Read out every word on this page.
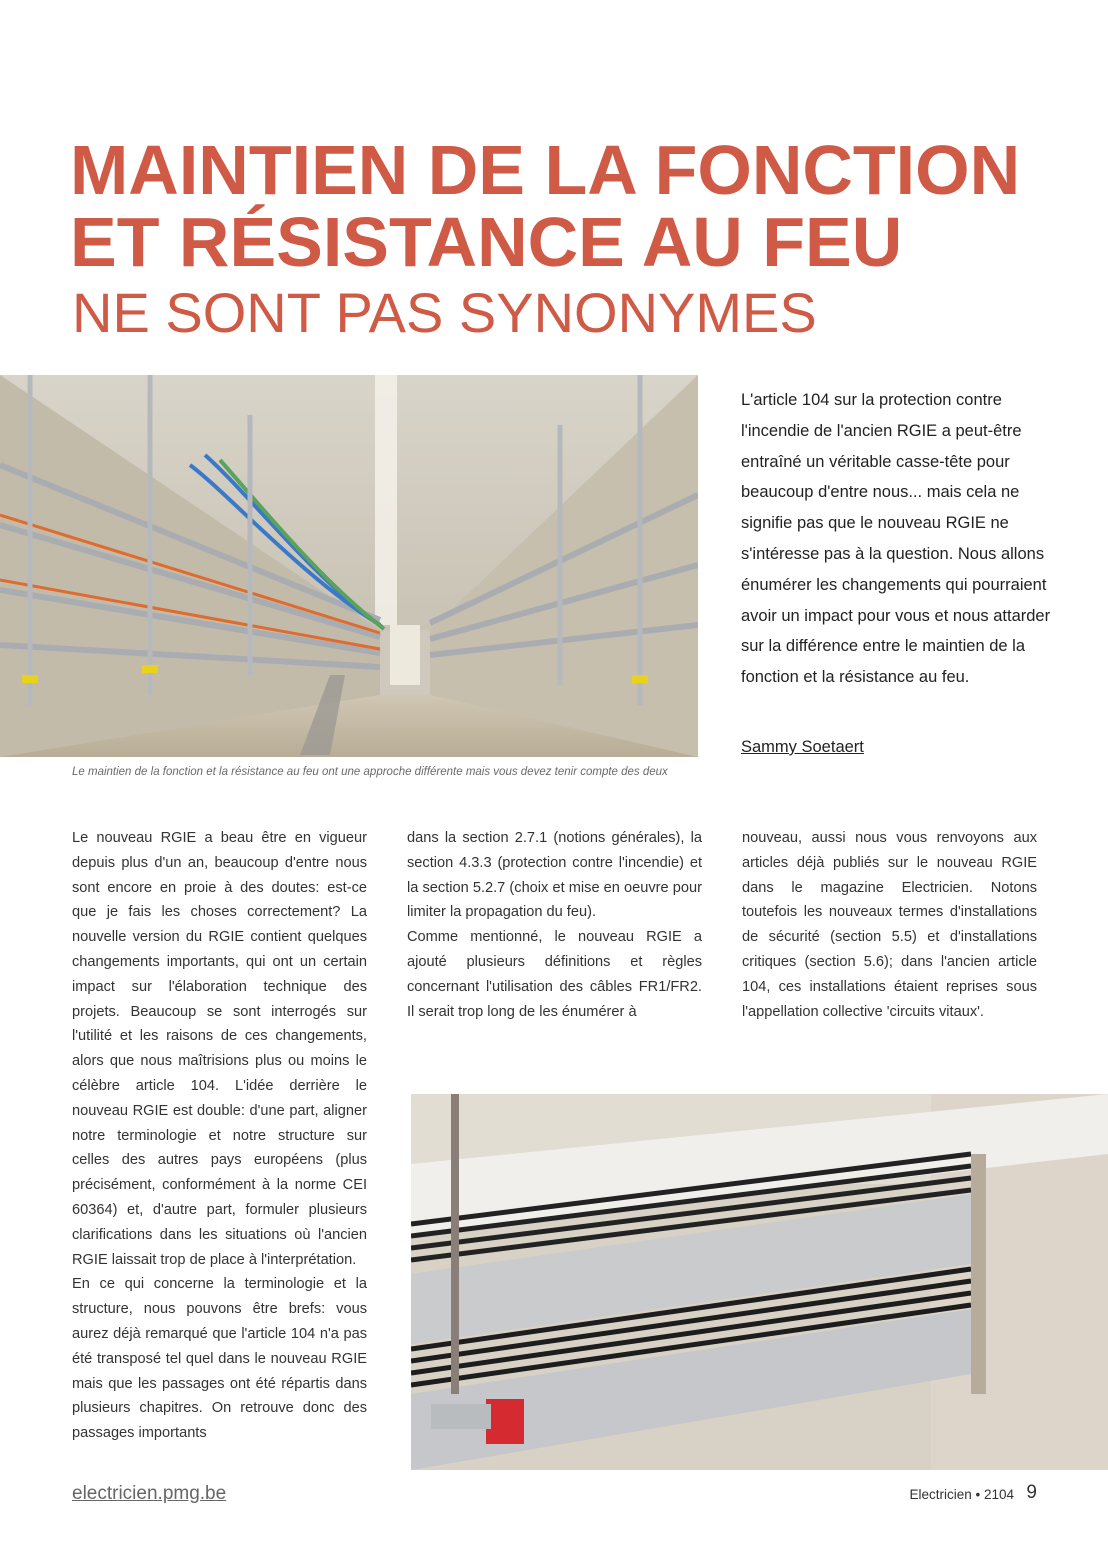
MAINTIEN DE LA FONCTION
ET RÉSISTANCE AU FEU
NE SONT PAS SYNONYMES

Le maintien de la fonction et la résistance au feu ont une approche différente mais vous devez tenir compte des deux

L'article 104 sur la protection contre l'incendie de l'ancien RGIE a peut-être entraîné un véritable casse-tête pour beaucoup d'entre nous... mais cela ne signifie pas que le nouveau RGIE ne s'intéresse pas à la question. Nous allons énumérer les changements qui pourraient avoir un impact pour vous et nous attarder sur la différence entre le maintien de la fonction et la résistance au feu.

Sammy Soetaert

Le nouveau RGIE a beau être en vigueur depuis plus d'un an, beaucoup d'entre nous sont encore en proie à des doutes: est-ce que je fais les choses correctement? La nouvelle version du RGIE contient quelques changements importants, qui ont un certain impact sur l'élaboration technique des projets. Beaucoup se sont interrogés sur l'utilité et les raisons de ces changements, alors que nous maîtrisions plus ou moins le célèbre article 104. L'idée derrière le nouveau RGIE est double: d'une part, aligner notre terminologie et notre structure sur celles des autres pays européens (plus précisément, conformément à la norme CEI 60364) et, d'autre part, formuler plusieurs clarifications dans les situations où l'ancien RGIE laissait trop de place à l'interprétation.

En ce qui concerne la terminologie et la structure, nous pouvons être brefs: vous aurez déjà remarqué que l'article 104 n'a pas été transposé tel quel dans le nouveau RGIE mais que les passages ont été répartis dans plusieurs chapitres. On retrouve donc des passages importants

dans la section 2.7.1 (notions générales), la section 4.3.3 (protection contre l'incendie) et la section 5.2.7 (choix et mise en oeuvre pour limiter la propagation du feu).

Comme mentionné, le nouveau RGIE a ajouté plusieurs définitions et règles concernant l'utilisation des câbles FR1/FR2. Il serait trop long de les énumérer à

nouveau, aussi nous vous renvoyons aux articles déjà publiés sur le nouveau RGIE dans le magazine Electricien. Notons toutefois les nouveaux termes d'installations de sécurité (section 5.5) et d'installations critiques (section 5.6); dans l'ancien article 104, ces installations étaient reprises sous l'appellation collective 'circuits vitaux'.

electricien.pmg.be	Electricien • 2104 9
